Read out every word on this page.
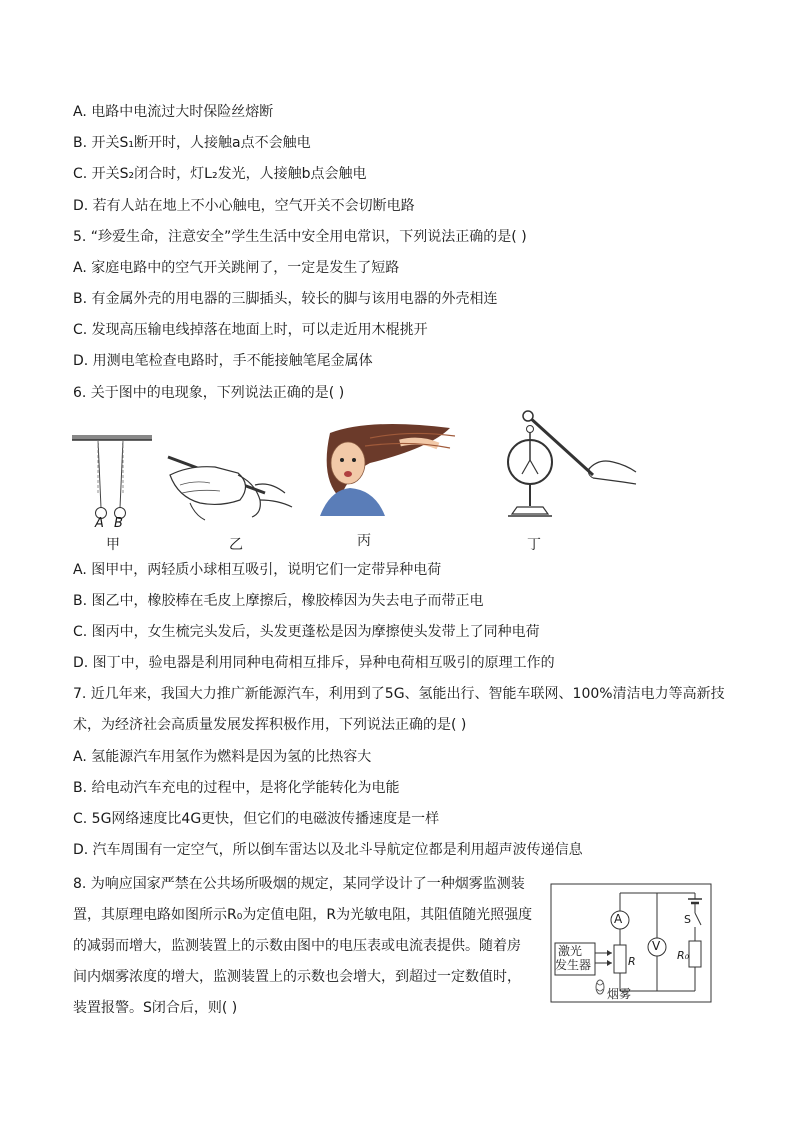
A. 电路中电流过大时保险丝熔断
B. 开关S₁断开时，人接触a点不会触电
C. 开关S₂闭合时，灯L₂发光，人接触b点会触电
D. 若有人站在地上不小心触电，空气开关不会切断电路
5. “珍爱生命，注意安全”学生生活中安全用电常识，下列说法正确的是( )
A. 家庭电路中的空气开关跳闸了，一定是发生了短路
B. 有金属外壳的用电器的三脚插头，较长的脚与该用电器的外壳相连
C. 发现高压输电线掉落在地面上时，可以走近用木棍挑开
D. 用测电笔检查电路时，手不能接触笔尾金属体
6. 关于图中的电现象，下列说法正确的是( )
A B
甲	乙	丙	丁
A. 图甲中，两轻质小球相互吸引，说明它们一定带异种电荷
B. 图乙中，橡胶棒在毛皮上摩擦后，橡胶棒因为失去电子而带正电
C. 图丙中，女生梳完头发后，头发更蓬松是因为摩擦使头发带上了同种电荷
D. 图丁中，验电器是利用同种电荷相互排斥，异种电荷相互吸引的原理工作的
7. 近几年来，我国大力推广新能源汽车，利用到了5G、氢能出行、智能车联网、100%清洁电力等高新技
术，为经济社会高质量发展发挥积极作用，下列说法正确的是( )
A. 氢能源汽车用氢作为燃料是因为氢的比热容大
B. 给电动汽车充电的过程中，是将化学能转化为电能
C. 5G网络速度比4G更快，但它们的电磁波传播速度是一样
D. 汽车周围有一定空气，所以倒车雷达以及北斗导航定位都是利用超声波传递信息
8. 为响应国家严禁在公共场所吸烟的规定，某同学设计了一种烟雾监测装
置，其原理电路如图所示R₀为定值电阻，R为光敏电阻，其阻值随光照强度
的减弱而增大，监测装置上的示数由图中的电压表或电流表提供。随着房
间内烟雾浓度的增大，监测装置上的示数也会增大，到超过一定数值时，
装置报警。S闭合后，则( )
A
V
S
R₀
R
激光
发生器
烟雾
